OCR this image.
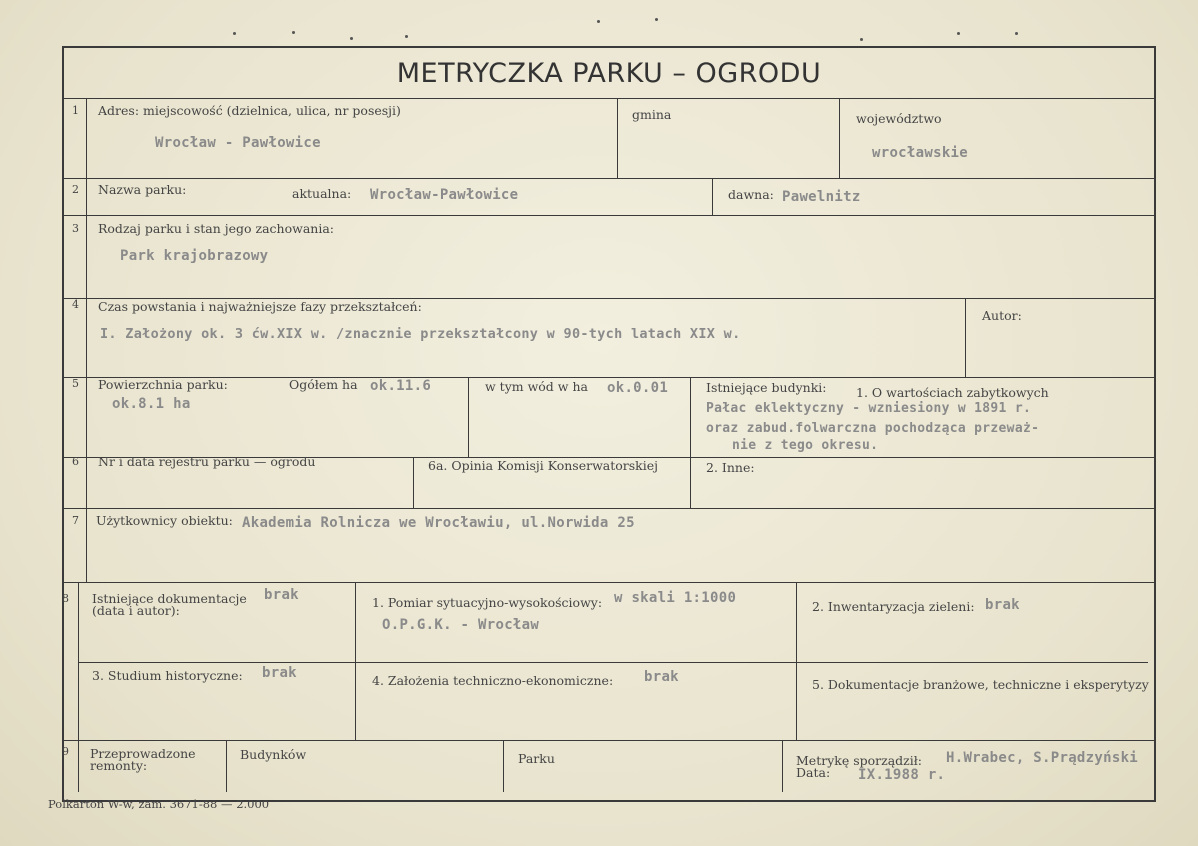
METRYCZKA PARKU – OGRODU
1 Adres: miejscowość (dzielnica, ulica, nr posesji)
Wrocław - Pawłowice
gmina	województwo
wrocławskie
2 Nazwa parku:	aktualna: Wrocław-Pawłowice	dawna: Pawelnitz
3 Rodzaj parku i stan jego zachowania:
Park krajobrazowy
4 Czas powstania i najważniejsze fazy przekształceń:
I. Założony ok. 3 ćw.XIX w. /znacznie przekształcony w 90-tych latach XIX w.
Autor:
5 Powierzchnia parku:
ok.8.1 ha
Ogółem ha ok.11.6	w tym wód w ha ok.0.01	Istniejące budynki: 1. O wartościach zabytkowych
Pałac eklektyczny - wzniesiony w 1891 r.
oraz zabud.folwarczna pochodząca przeważ-
nie z tego okresu.
6 Nr i data rejestru parku — ogrodu	6a. Opinia Komisji Konserwatorskiej	2. Inne:
7 Użytkownicy obiektu: Akademia Rolnicza we Wrocławiu, ul.Norwida 25
8 Istniejące dokumentacje
(data i autor):
brak	1. Pomiar sytuacyjno-wysokościowy: w skali 1:1000
O.P.G.K. - Wrocław
2. Inwentaryzacja zieleni: brak
3. Studium historyczne: brak	4. Założenia techniczno-ekonomiczne: brak	5. Dokumentacje branżowe, techniczne i eksperytyzy
9 Przeprowadzone
remonty:
Budynków	Parku	Metrykę sporządził: H.Wrabec, S.Prądzyński
Data: IX.1988 r.
Polkarton W-w, zam. 3671-88 — 2.000
